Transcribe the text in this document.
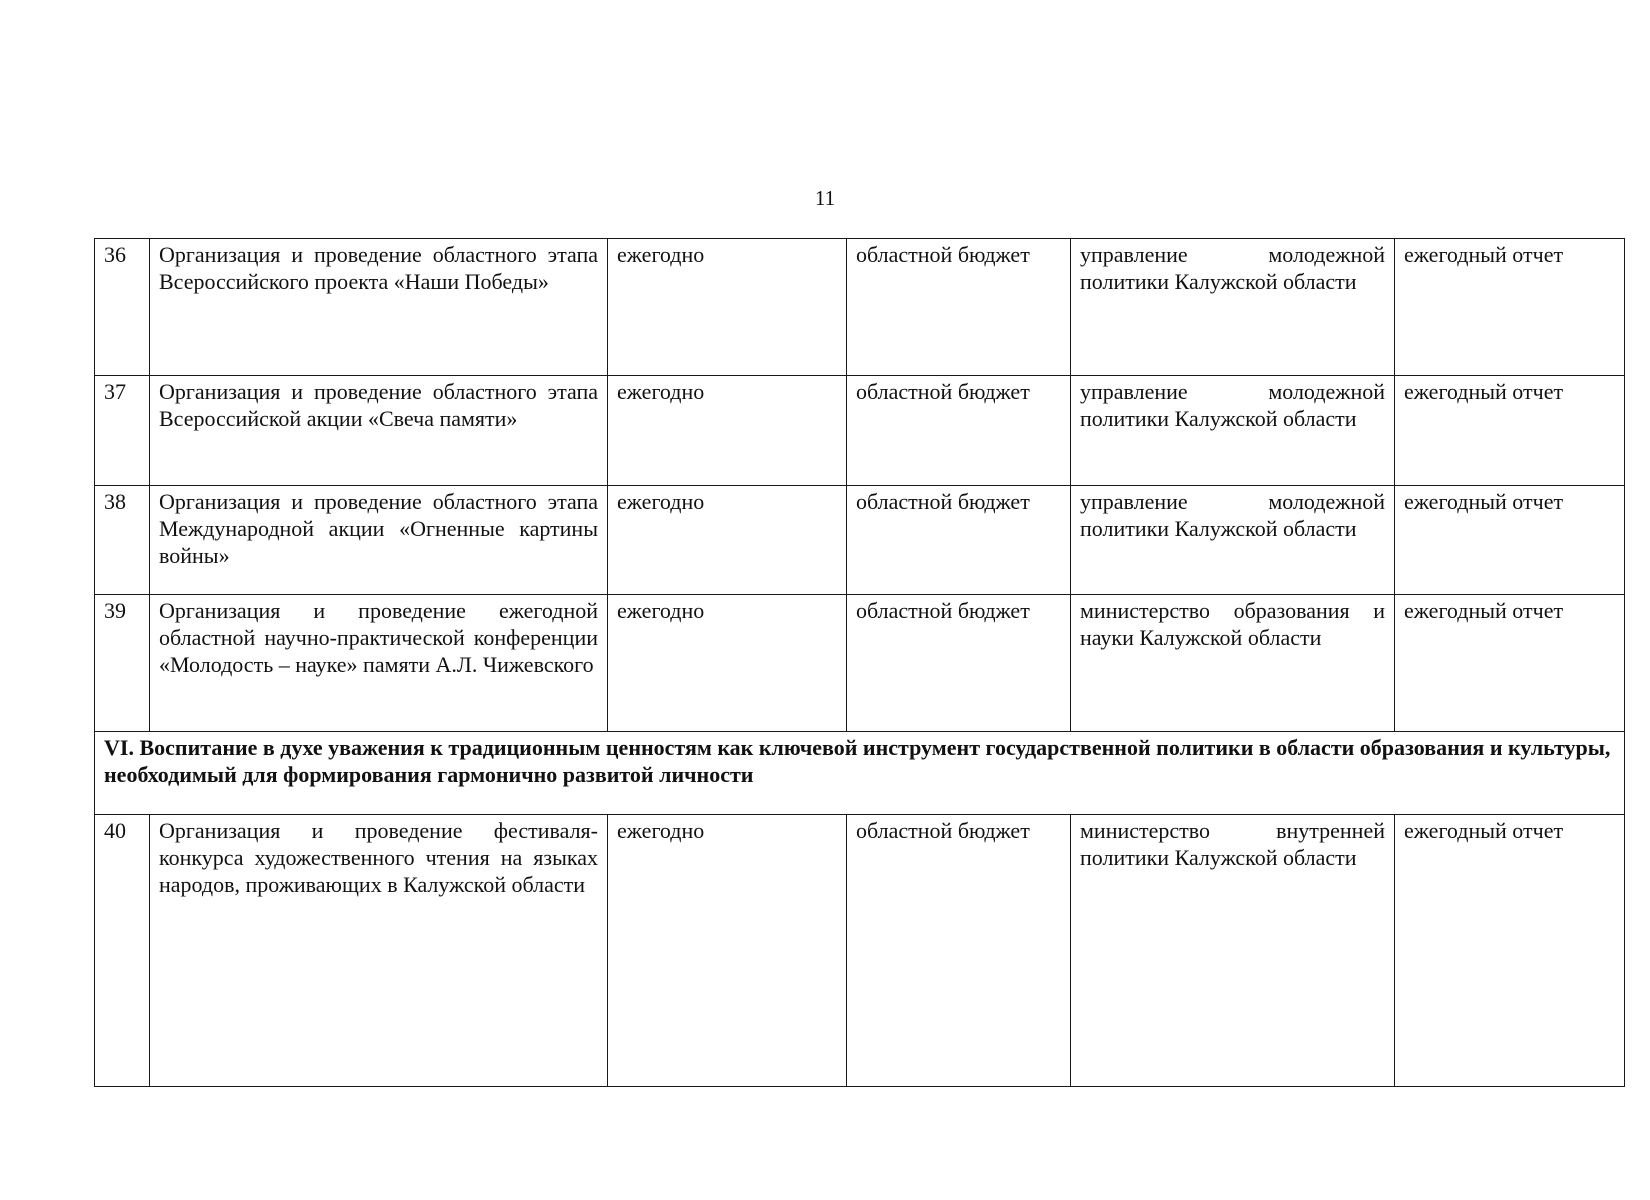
11
36	Организация и проведение областного этапа Всероссийского проекта «Наши Победы»	ежегодно	областной бюджет	управление молодежной политики Калужской области	ежегодный отчет
37	Организация и проведение областного этапа Всероссийской акции «Свеча памяти»	ежегодно	областной бюджет	управление молодежной политики Калужской области	ежегодный отчет
38	Организация и проведение областного этапа Международной акции «Огненные картины войны»	ежегодно	областной бюджет	управление молодежной политики Калужской области	ежегодный отчет
39	Организация и проведение ежегодной областной научно-практической конференции «Молодость – науке» памяти А.Л. Чижевского	ежегодно	областной бюджет	министерство образования и науки Калужской области	ежегодный отчет
VI. Воспитание в духе уважения к традиционным ценностям как ключевой инструмент государственной политики в области образования и культуры, необходимый для формирования гармонично развитой личности					
40	Организация и проведение фестиваля-конкурса художественного чтения на языках народов, проживающих в Калужской области	ежегодно	областной бюджет	министерство внутренней политики Калужской области	ежегодный отчет
